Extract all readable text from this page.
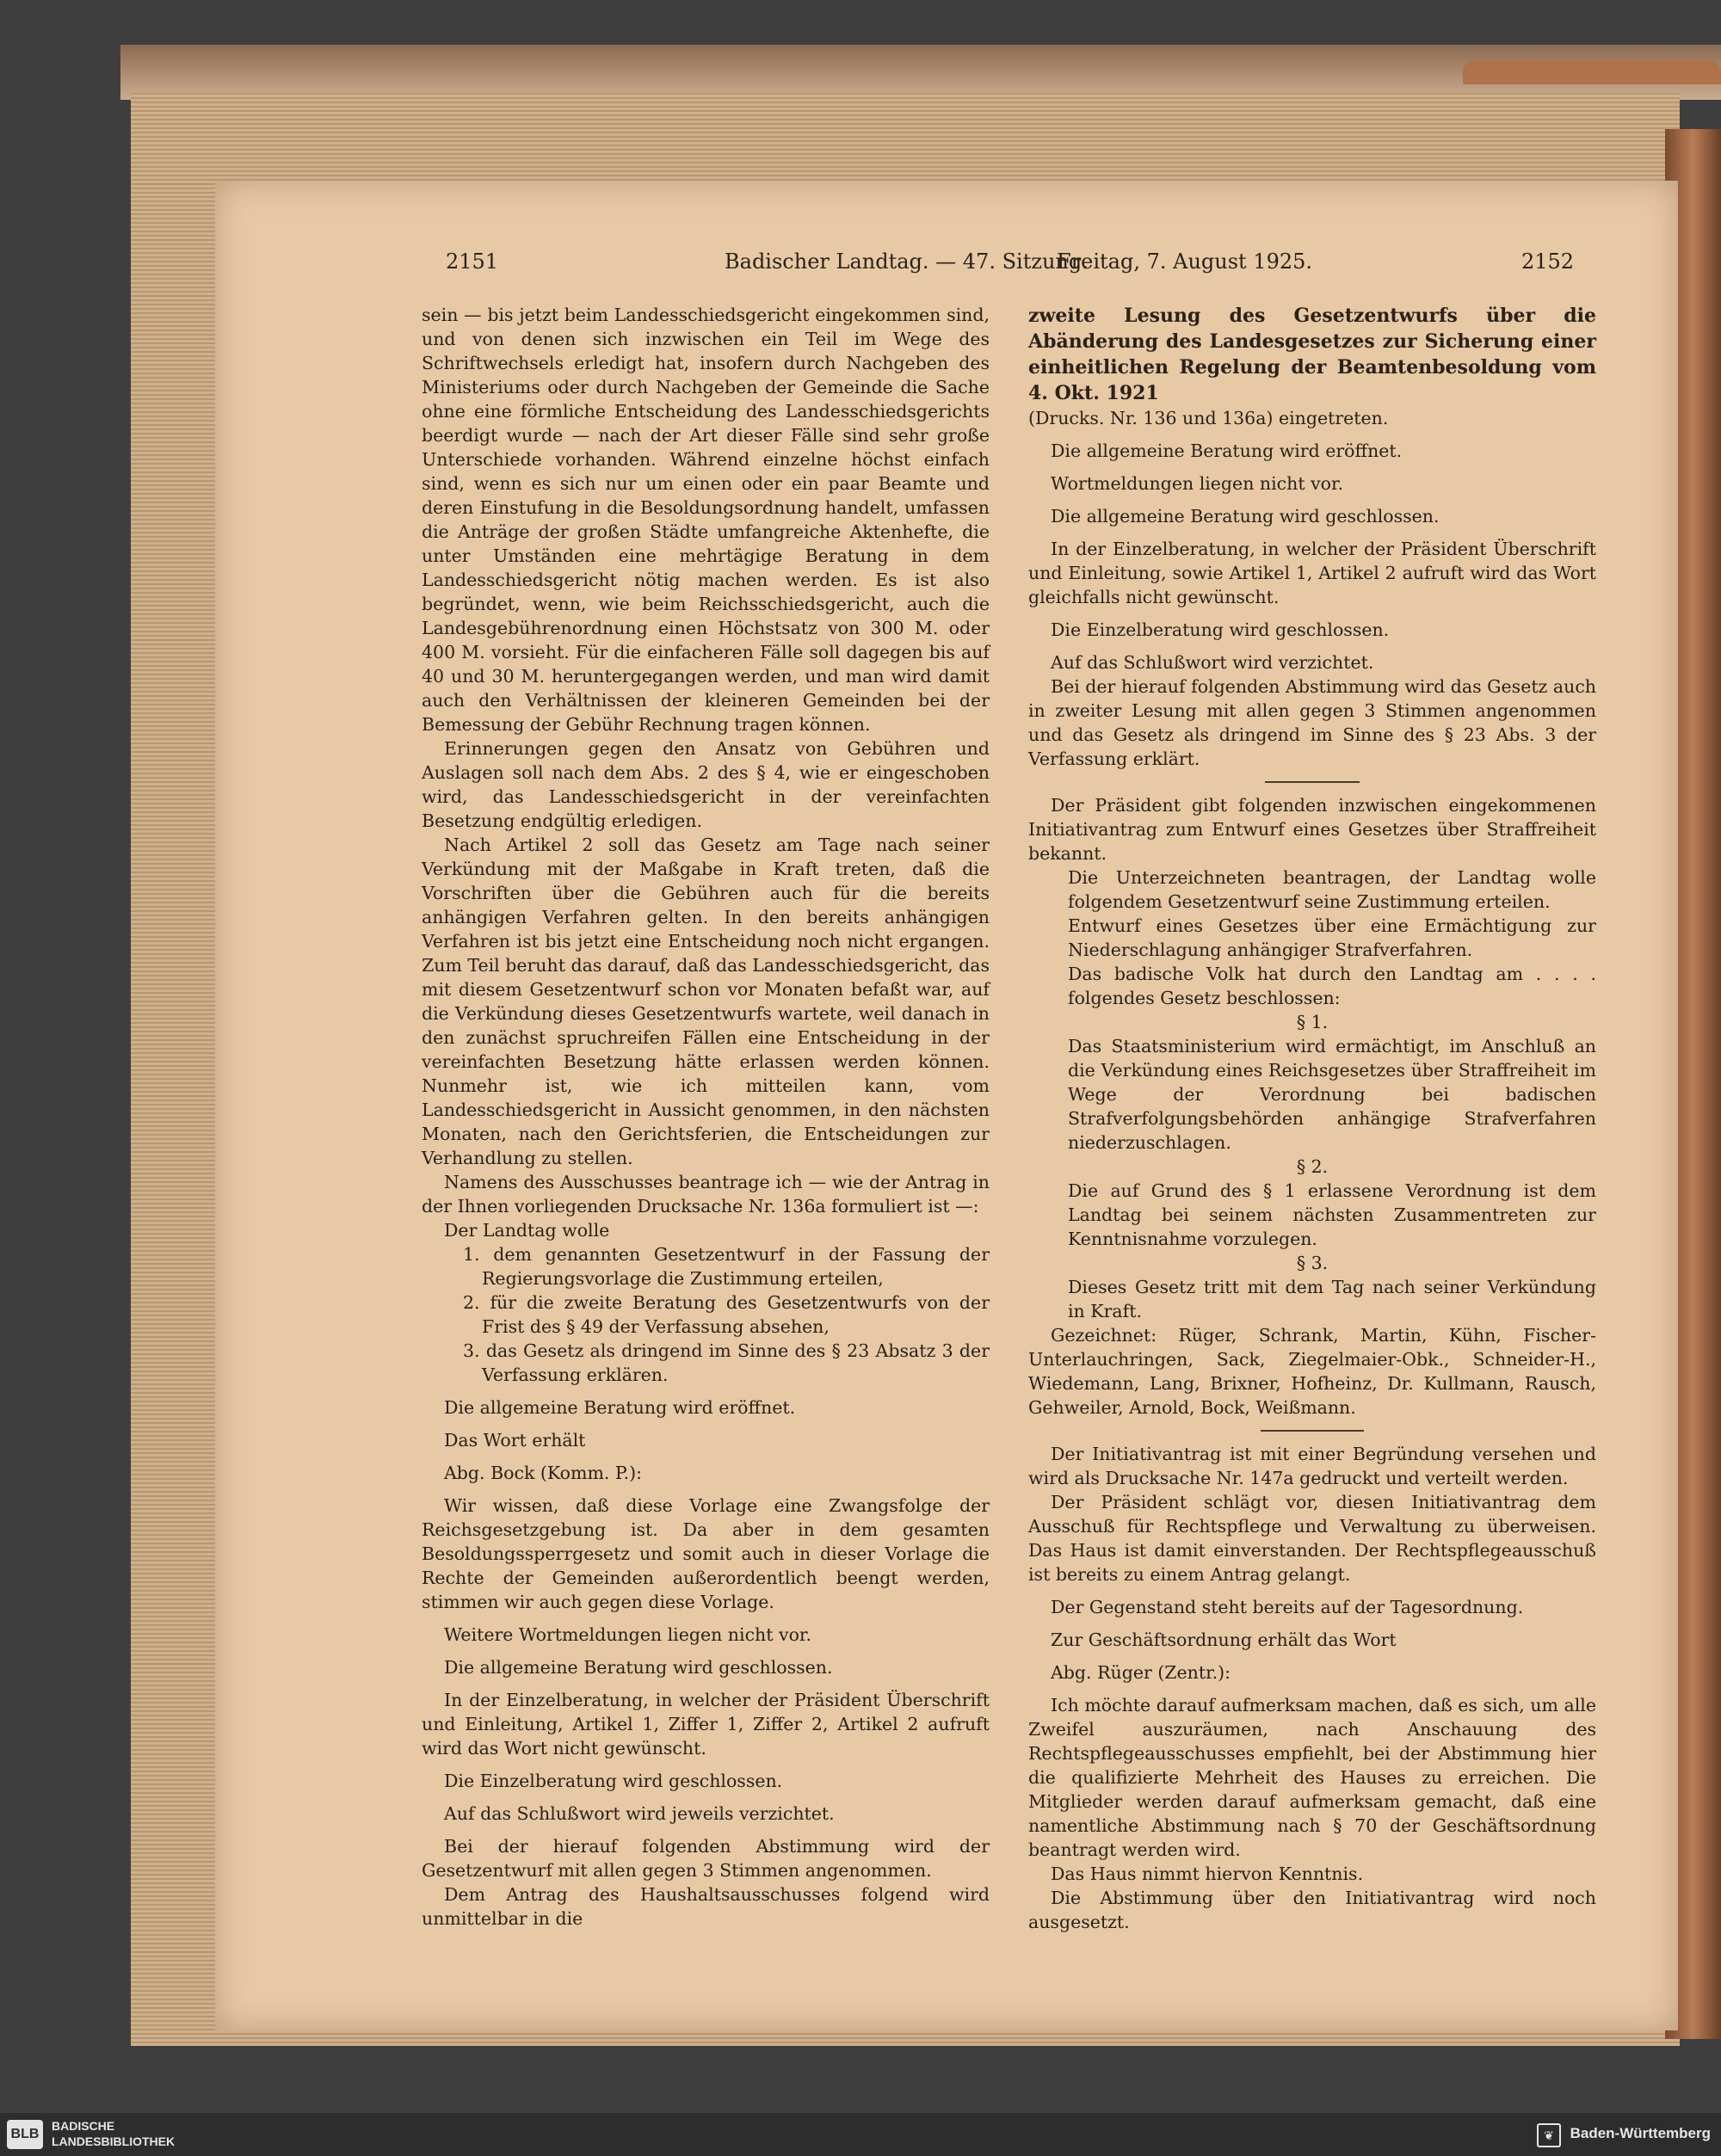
2151	Badischer Landtag. — 47. Sitzung.
Freitag, 7. August 1925.	2152

sein — bis jetzt beim Landesschiedsgericht eingekommen sind, und von denen sich inzwischen ein Teil im Wege des Schriftwechsels erledigt hat, insofern durch Nachgeben des Ministeriums oder durch Nachgeben der Gemeinde die Sache ohne eine förmliche Entscheidung des Landesschiedsgerichts beerdigt wurde — nach der Art dieser Fälle sind sehr große Unterschiede vorhanden. Während einzelne höchst einfach sind, wenn es sich nur um einen oder ein paar Beamte und deren Einstufung in die Besoldungsordnung handelt, umfassen die Anträge der großen Städte umfangreiche Aktenhefte, die unter Umständen eine mehrtägige Beratung in dem Landesschiedsgericht nötig machen werden. Es ist also begründet, wenn, wie beim Reichsschiedsgericht, auch die Landesgebührenordnung einen Höchstsatz von 300 M. oder 400 M. vorsieht. Für die einfacheren Fälle soll dagegen bis auf 40 und 30 M. heruntergegangen werden, und man wird damit auch den Verhältnissen der kleineren Gemeinden bei der Bemessung der Gebühr Rechnung tragen können.

Erinnerungen gegen den Ansatz von Gebühren und Auslagen soll nach dem Abs. 2 des § 4, wie er eingeschoben wird, das Landesschiedsgericht in der vereinfachten Besetzung endgültig erledigen.

Nach Artikel 2 soll das Gesetz am Tage nach seiner Verkündung mit der Maßgabe in Kraft treten, daß die Vorschriften über die Gebühren auch für die bereits anhängigen Verfahren gelten. In den bereits anhängigen Verfahren ist bis jetzt eine Entscheidung noch nicht ergangen. Zum Teil beruht das darauf, daß das Landesschiedsgericht, das mit diesem Gesetzentwurf schon vor Monaten befaßt war, auf die Verkündung dieses Gesetzentwurfs wartete, weil danach in den zunächst spruchreifen Fällen eine Entscheidung in der vereinfachten Besetzung hätte erlassen werden können. Nunmehr ist, wie ich mitteilen kann, vom Landesschiedsgericht in Aussicht genommen, in den nächsten Monaten, nach den Gerichtsferien, die Entscheidungen zur Verhandlung zu stellen.

Namens des Ausschusses beantrage ich — wie der Antrag in der Ihnen vorliegenden Drucksache Nr. 136a formuliert ist —:

Der Landtag wolle

1. dem genannten Gesetzentwurf in der Fassung der Regierungsvorlage die Zustimmung erteilen,

2. für die zweite Beratung des Gesetzentwurfs von der Frist des § 49 der Verfassung absehen,

3. das Gesetz als dringend im Sinne des § 23 Absatz 3 der Verfassung erklären.

Die allgemeine Beratung wird eröffnet.

Das Wort erhält

Abg. Bock (Komm. P.):

Wir wissen, daß diese Vorlage eine Zwangsfolge der Reichsgesetzgebung ist. Da aber in dem gesamten Besoldungssperrgesetz und somit auch in dieser Vorlage die Rechte der Gemeinden außerordentlich beengt werden, stimmen wir auch gegen diese Vorlage.

Weitere Wortmeldungen liegen nicht vor.

Die allgemeine Beratung wird geschlossen.

In der Einzelberatung, in welcher der Präsident Überschrift und Einleitung, Artikel 1, Ziffer 1, Ziffer 2, Artikel 2 aufruft wird das Wort nicht gewünscht.

Die Einzelberatung wird geschlossen.

Auf das Schlußwort wird jeweils verzichtet.

Bei der hierauf folgenden Abstimmung wird der Gesetzentwurf mit allen gegen 3 Stimmen angenommen.

Dem Antrag des Haushaltsausschusses folgend wird unmittelbar in die

zweite Lesung des Gesetzentwurfs über die Abänderung des Landesgesetzes zur Sicherung einer einheitlichen Regelung der Beamtenbesoldung vom 4. Okt. 1921

(Drucks. Nr. 136 und 136a) eingetreten.

Die allgemeine Beratung wird eröffnet.

Wortmeldungen liegen nicht vor.

Die allgemeine Beratung wird geschlossen.

In der Einzelberatung, in welcher der Präsident Überschrift und Einleitung, sowie Artikel 1, Artikel 2 aufruft wird das Wort gleichfalls nicht gewünscht.

Die Einzelberatung wird geschlossen.

Auf das Schlußwort wird verzichtet.

Bei der hierauf folgenden Abstimmung wird das Gesetz auch in zweiter Lesung mit allen gegen 3 Stimmen angenommen und das Gesetz als dringend im Sinne des § 23 Abs. 3 der Verfassung erklärt.

Der Präsident gibt folgenden inzwischen eingekommenen Initiativantrag zum Entwurf eines Gesetzes über Straffreiheit bekannt.

Die Unterzeichneten beantragen, der Landtag wolle folgendem Gesetzentwurf seine Zustimmung erteilen.

Entwurf eines Gesetzes über eine Ermächtigung zur Niederschlagung anhängiger Strafverfahren.

Das badische Volk hat durch den Landtag am . . . . folgendes Gesetz beschlossen:

§ 1.

Das Staatsministerium wird ermächtigt, im Anschluß an die Verkündung eines Reichsgesetzes über Straffreiheit im Wege der Verordnung bei badischen Strafverfolgungsbehörden anhängige Strafverfahren niederzuschlagen.

§ 2.

Die auf Grund des § 1 erlassene Verordnung ist dem Landtag bei seinem nächsten Zusammentreten zur Kenntnisnahme vorzulegen.

§ 3.

Dieses Gesetz tritt mit dem Tag nach seiner Verkündung in Kraft.

Gezeichnet: Rüger, Schrank, Martin, Kühn, Fischer-Unterlauchringen, Sack, Ziegelmaier-Obk., Schneider-H., Wiedemann, Lang, Brixner, Hofheinz, Dr. Kullmann, Rausch, Gehweiler, Arnold, Bock, Weißmann.

Der Initiativantrag ist mit einer Begründung versehen und wird als Drucksache Nr. 147a gedruckt und verteilt werden.

Der Präsident schlägt vor, diesen Initiativantrag dem Ausschuß für Rechtspflege und Verwaltung zu überweisen. Das Haus ist damit einverstanden. Der Rechtspflegeausschuß ist bereits zu einem Antrag gelangt.

Der Gegenstand steht bereits auf der Tagesordnung.

Zur Geschäftsordnung erhält das Wort

Abg. Rüger (Zentr.):

Ich möchte darauf aufmerksam machen, daß es sich, um alle Zweifel auszuräumen, nach Anschauung des Rechtspflegeausschusses empfiehlt, bei der Abstimmung hier die qualifizierte Mehrheit des Hauses zu erreichen. Die Mitglieder werden darauf aufmerksam gemacht, daß eine namentliche Abstimmung nach § 70 der Geschäftsordnung beantragt werden wird.

Das Haus nimmt hiervon Kenntnis.

Die Abstimmung über den Initiativantrag wird noch ausgesetzt.

BLB
BADISCHE
LANDESBIBLIOTHEK	❦	Baden-Württemberg
